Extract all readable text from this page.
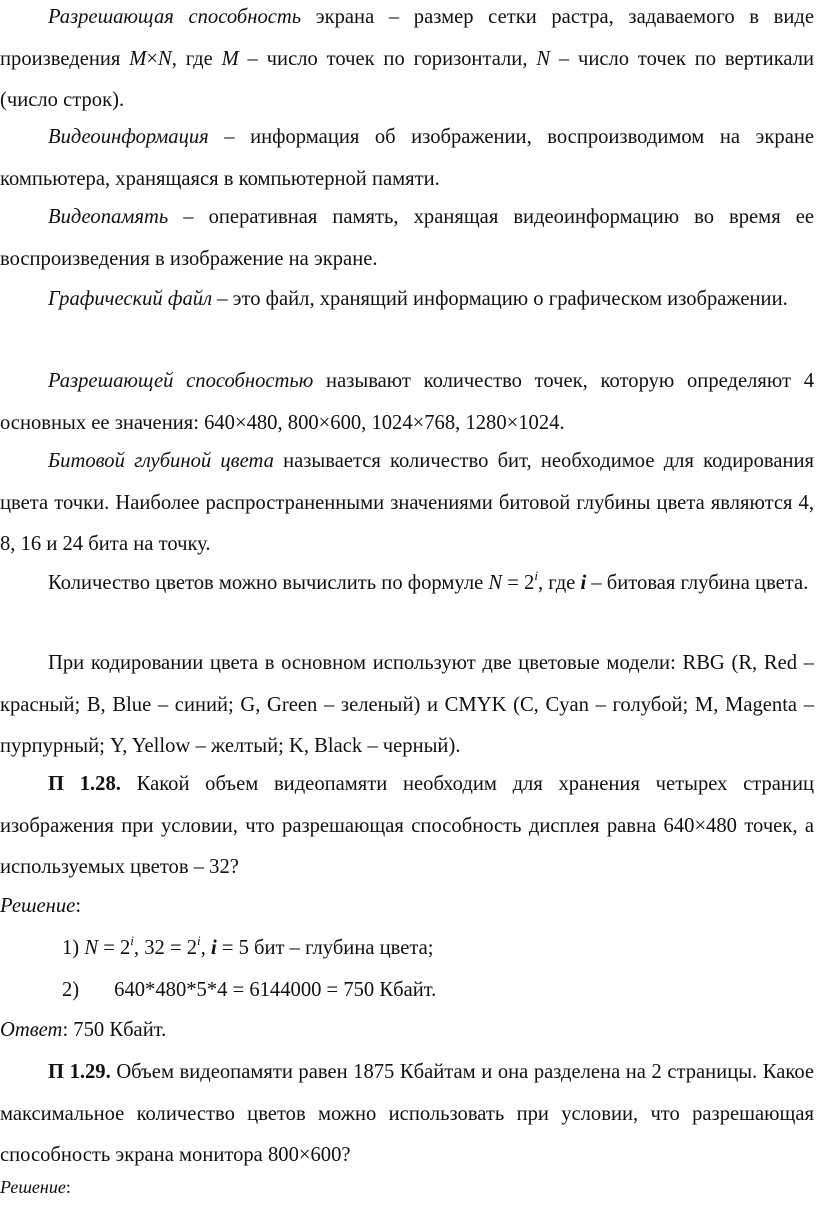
Разрешающая способность экрана – размер сетки растра, задаваемого в виде произведения M×N, где M – число точек по горизонтали, N – число точек по вертикали (число строк).

Видеоинформация – информация об изображении, воспроизводимом на экране компьютера, хранящаяся в компьютерной памяти.

Видеопамять – оперативная память, хранящая видеоинформацию во время ее воспроизведения в изображение на экране.

Графический файл – это файл, хранящий информацию о графическом изображении.

Разрешающей способностью называют количество точек, которую определяют 4 основных ее значения: 640×480, 800×600, 1024×768, 1280×1024.

Битовой глубиной цвета называется количество бит, необходимое для кодирования цвета точки. Наиболее распространенными значениями битовой глубины цвета являются 4, 8, 16 и 24 бита на точку.

Количество цветов можно вычислить по формуле $N = 2^i$, где i – битовая глубина цвета.

При кодировании цвета в основном используют две цветовые модели: RBG (R, Red – красный; B, Blue – синий; G, Green – зеленый) и CMYK (C, Cyan – голубой; M, Magenta – пурпурный; Y, Yellow – желтый; K, Black – черный).

П 1.28. Какой объем видеопамяти необходим для хранения четырех страниц изображения при условии, что разрешающая способность дисплея равна 640×480 точек, а используемых цветов – 32?

Решение:

1) $N = 2^i$, $32 = 2^i$, i = 5 бит – глубина цвета;

2) 640*480*5*4 = 6144000 = 750 Кбайт.

Ответ: 750 Кбайт.

П 1.29. Объем видеопамяти равен 1875 Кбайтам и она разделена на 2 страницы. Какое максимальное количество цветов можно использовать при условии, что разрешающая способность экрана монитора 800×600?

Решение:
